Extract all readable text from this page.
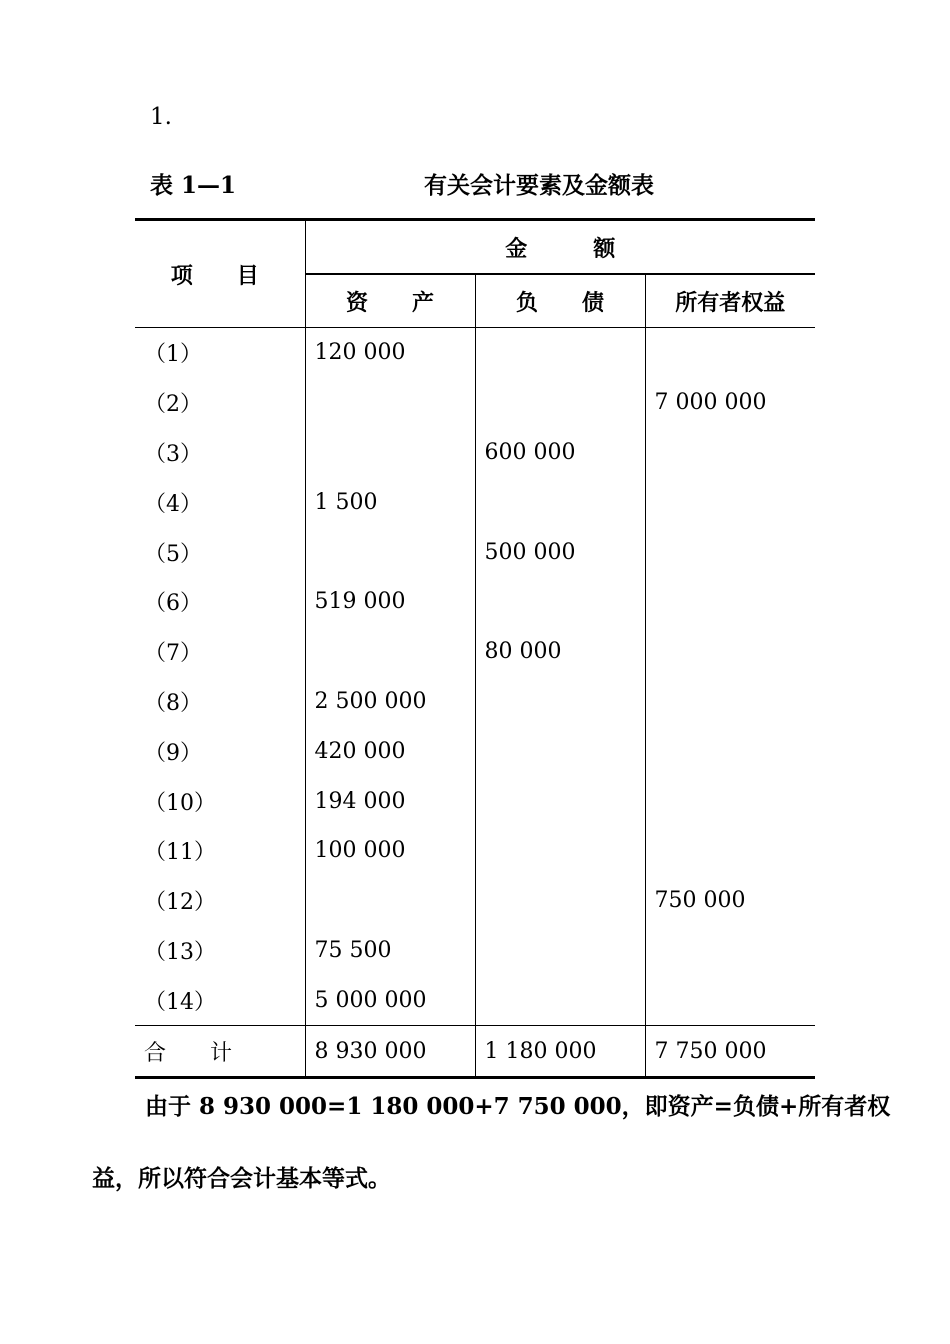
1.
表 1—1	有关会计要素及金额表
项　　目	金　　　额		
	资　　产	负　　债	所有者权益
（1）	120 000		
（2）			7 000 000
（3）		600 000	
（4）	1 500		
（5）		500 000	
（6）	519 000		
（7）		80 000	
（8）	2 500 000		
（9）	420 000		
（10）	194 000		
（11）	100 000		
（12）			750 000
（13）	75 500		
（14）	5 000 000		
合　　计	8 930 000	1 180 000	7 750 000
由于 8 930 000=1 180 000+7 750 000，即资产=负债+所有者权
益，所以符合会计基本等式。
